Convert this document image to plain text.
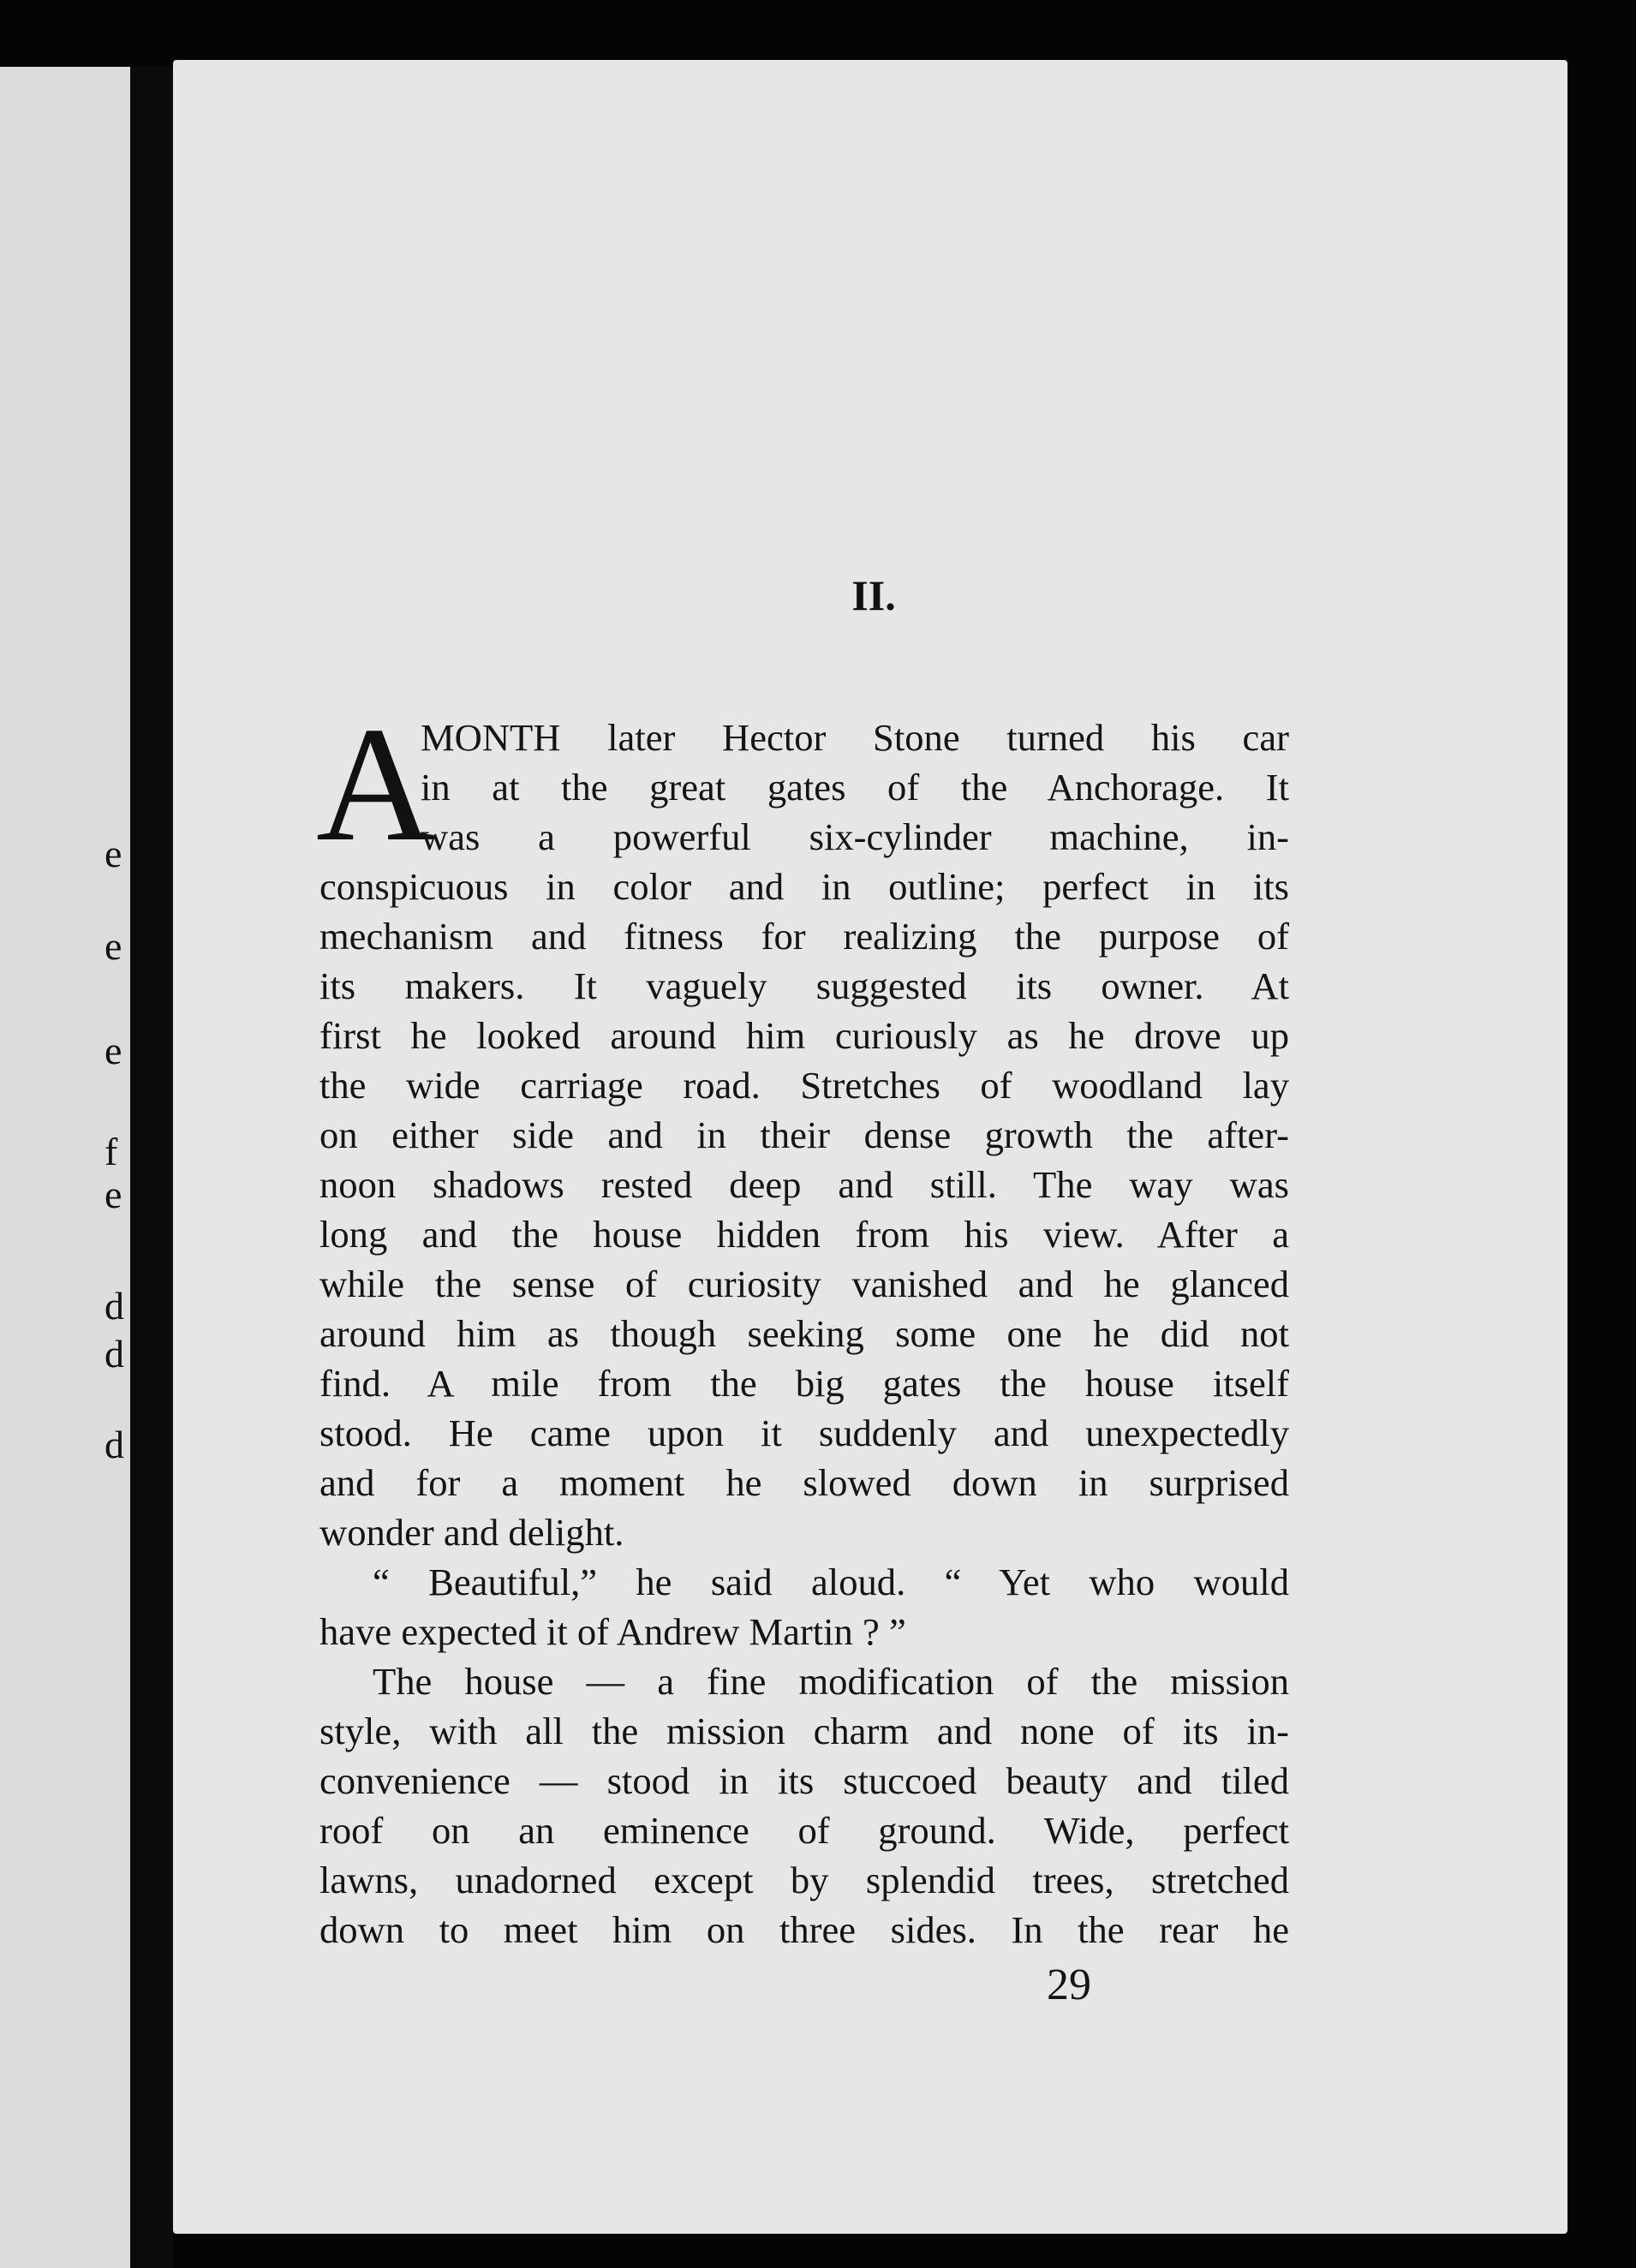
e
e
e
f
e
d
d
d
II.
A
MONTH later Hector Stone turned his car
in at the great gates of the Anchorage. It
was a powerful six-cylinder machine, in-
conspicuous in color and in outline; perfect in its
mechanism and fitness for realizing the purpose of
its makers. It vaguely suggested its owner. At
first he looked around him curiously as he drove up
the wide carriage road. Stretches of woodland lay
on either side and in their dense growth the after-
noon shadows rested deep and still. The way was
long and the house hidden from his view. After a
while the sense of curiosity vanished and he glanced
around him as though seeking some one he did not
find. A mile from the big gates the house itself
stood. He came upon it suddenly and unexpectedly
and for a moment he slowed down in surprised
wonder and delight.
“ Beautiful,” he said aloud. “ Yet who would
have expected it of Andrew Martin ? ”
The house — a fine modification of the mission
style, with all the mission charm and none of its in-
convenience — stood in its stuccoed beauty and tiled
roof on an eminence of ground. Wide, perfect
lawns, unadorned except by splendid trees, stretched
down to meet him on three sides. In the rear he
29
